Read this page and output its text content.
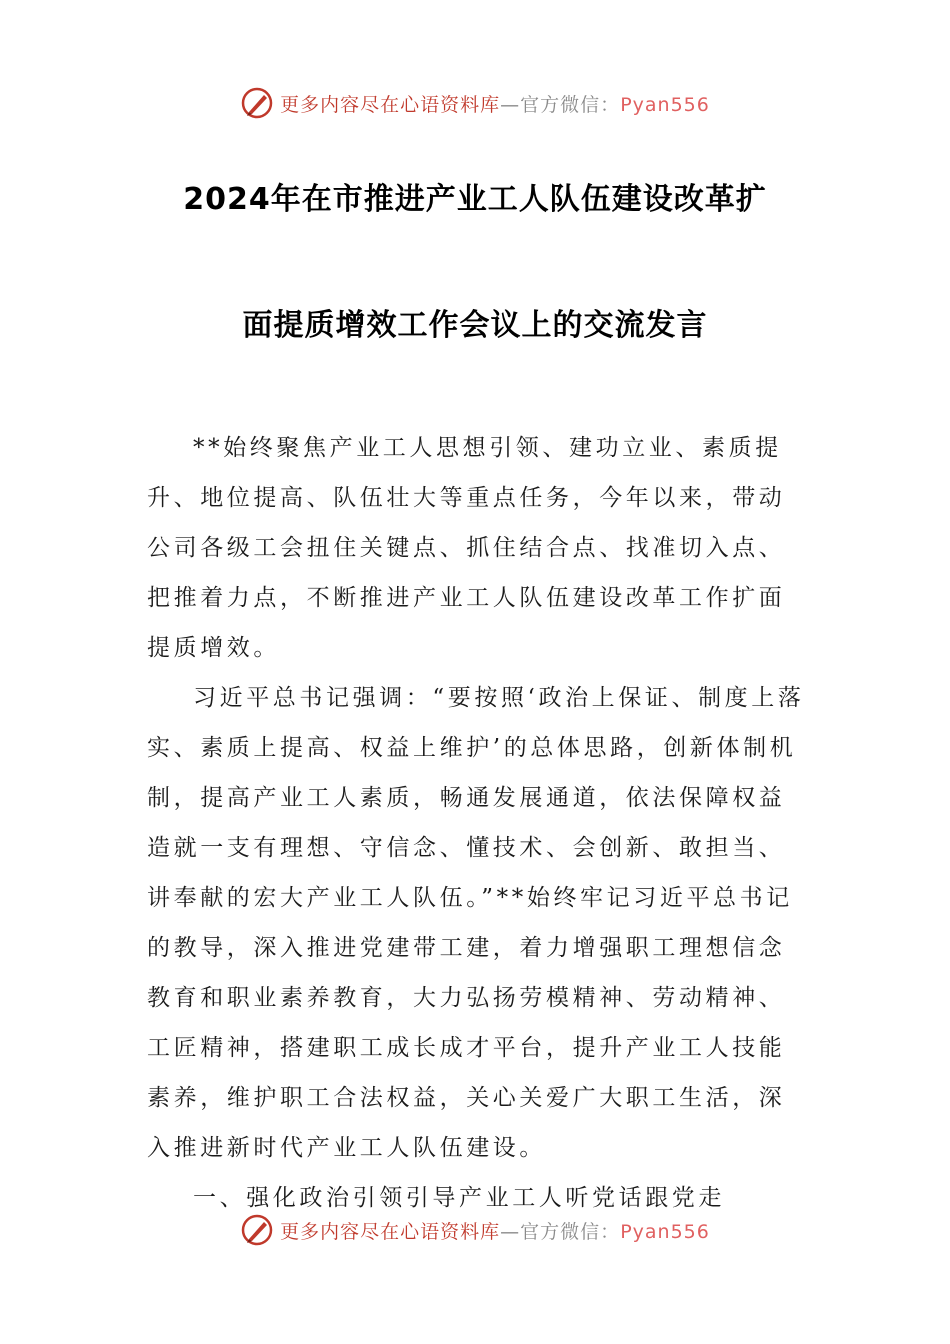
更多内容尽在心语资料库—官方微信：Pyan556
2024年在市推进产业工人队伍建设改革扩
面提质增效工作会议上的交流发言

**始终聚焦产业工人思想引领、建功立业、素质提升、地位提高、队伍壮大等重点任务，今年以来，带动公司各级工会扭住关键点、抓住结合点、找准切入点、把推着力点，不断推进产业工人队伍建设改革工作扩面提质增效。

习近平总书记强调：“要按照‘政治上保证、制度上落实、素质上提高、权益上维护’的总体思路，创新体制机制，提高产业工人素质，畅通发展通道，依法保障权益造就一支有理想、守信念、懂技术、会创新、敢担当、讲奉献的宏大产业工人队伍。”**始终牢记习近平总书记的教导，深入推进党建带工建，着力增强职工理想信念教育和职业素养教育，大力弘扬劳模精神、劳动精神、工匠精神，搭建职工成长成才平台，提升产业工人技能素养，维护职工合法权益，关心关爱广大职工生活，深入推进新时代产业工人队伍建设。

一、强化政治引领引导产业工人听党话跟党走

更多内容尽在心语资料库—官方微信：Pyan556
